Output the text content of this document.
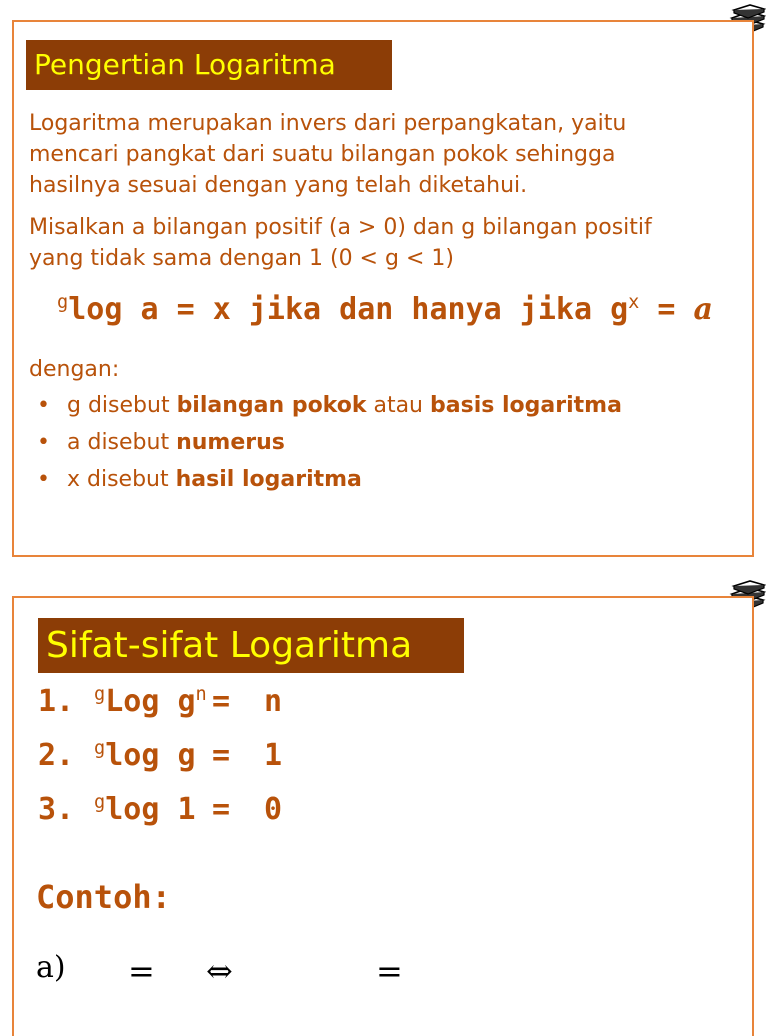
Pengertian Logaritma
Logaritma merupakan invers dari perpangkatan, yaitu
mencari pangkat dari suatu bilangan pokok sehingga
hasilnya sesuai dengan yang telah diketahui.
Misalkan a bilangan positif (a > 0) dan g bilangan positif
yang tidak sama dengan 1 (0 < g < 1)
$^g$log a = x jika dan hanya jika $g^x = a$
dengan:
• g disebut bilangan pokok atau basis logaritma
• a disebut numerus
• x disebut hasil logaritma
Sifat-sifat Logaritma
1. $^g$Log $g^n = n$
2. $^g$log g = 1
3. $^g$log 1 = 0
Contoh:
a) = ⇔	=
